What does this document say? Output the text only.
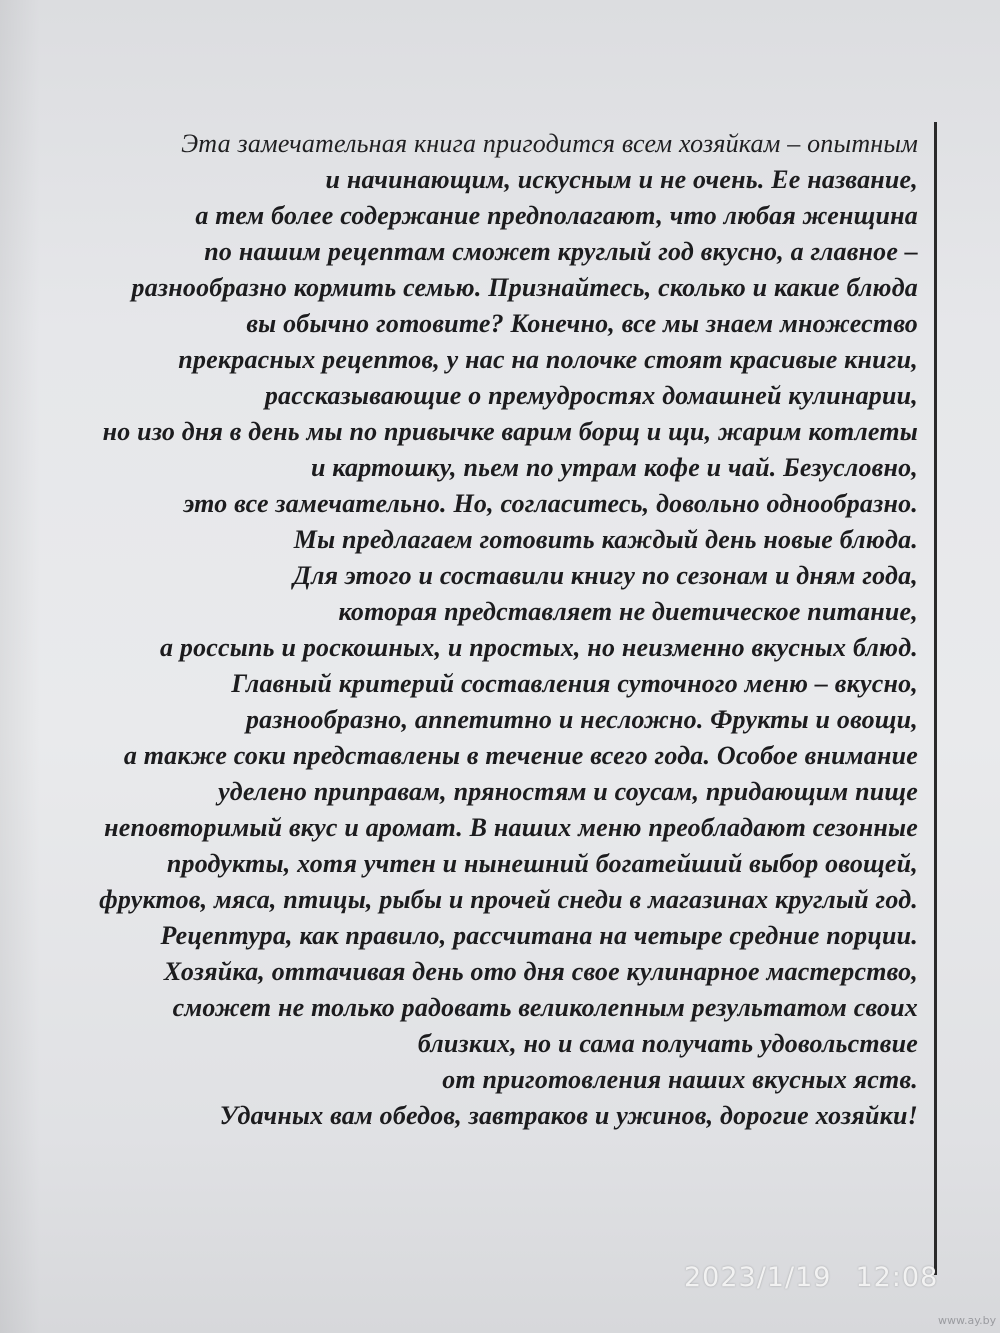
Эта замечательная книга пригодится всем хозяйкам – опытным
и начинающим, искусным и не очень. Ее название,
а тем более содержание предполагают, что любая женщина
по нашим рецептам сможет круглый год вкусно, а главное –
разнообразно кормить семью. Признайтесь, сколько и какие блюда
вы обычно готовите? Конечно, все мы знаем множество
прекрасных рецептов, у нас на полочке стоят красивые книги,
рассказывающие о премудростях домашней кулинарии,
но изо дня в день мы по привычке варим борщ и щи, жарим котлеты
и картошку, пьем по утрам кофе и чай. Безусловно,
это все замечательно. Но, согласитесь, довольно однообразно.
Мы предлагаем готовить каждый день новые блюда.
Для этого и составили книгу по сезонам и дням года,
которая представляет не диетическое питание,
а россыпь и роскошных, и простых, но неизменно вкусных блюд.
Главный критерий составления суточного меню – вкусно,
разнообразно, аппетитно и несложно. Фрукты и овощи,
а также соки представлены в течение всего года. Особое внимание
уделено приправам, пряностям и соусам, придающим пище
неповторимый вкус и аромат. В наших меню преобладают сезонные
продукты, хотя учтен и нынешний богатейший выбор овощей,
фруктов, мяса, птицы, рыбы и прочей снеди в магазинах круглый год.
Рецептура, как правило, рассчитана на четыре средние порции.
Хозяйка, оттачивая день ото дня свое кулинарное мастерство,
сможет не только радовать великолепным результатом своих
близких, но и сама получать удовольствие
от приготовления наших вкусных яств.
Удачных вам обедов, завтраков и ужинов, дорогие хозяйки!
2023/1/19 12:08
www.ay.by
